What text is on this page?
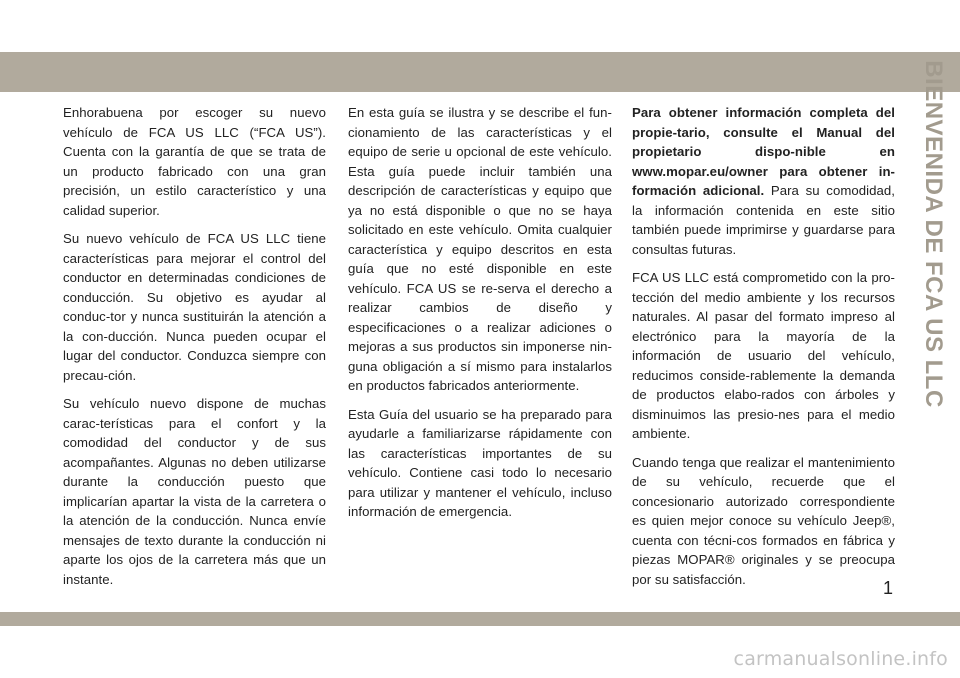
Enhorabuena por escoger su nuevo vehículo de FCA US LLC (“FCA US”). Cuenta con la garantía de que se trata de un producto fabricado con una gran precisión, un estilo característico y una calidad superior.

Su nuevo vehículo de FCA US LLC tiene características para mejorar el control del conductor en determinadas condiciones de conducción. Su objetivo es ayudar al conduc-tor y nunca sustituirán la atención a la con-ducción. Nunca pueden ocupar el lugar del conductor. Conduzca siempre con precau-ción.

Su vehículo nuevo dispone de muchas carac-terísticas para el confort y la comodidad del conductor y de sus acompañantes. Algunas no deben utilizarse durante la conducción puesto que implicarían apartar la vista de la carretera o la atención de la conducción. Nunca envíe mensajes de texto durante la conducción ni aparte los ojos de la carretera más que un instante.

En esta guía se ilustra y se describe el fun-cionamiento de las características y el equipo de serie u opcional de este vehículo. Esta guía puede incluir también una descripción de características y equipo que ya no está disponible o que no se haya solicitado en este vehículo. Omita cualquier característica y equipo descritos en esta guía que no esté disponible en este vehículo. FCA US se re-serva el derecho a realizar cambios de diseño y especificaciones o a realizar adiciones o mejoras a sus productos sin imponerse nin-guna obligación a sí mismo para instalarlos en productos fabricados anteriormente.

Esta Guía del usuario se ha preparado para ayudarle a familiarizarse rápidamente con las características importantes de su vehículo. Contiene casi todo lo necesario para utilizar y mantener el vehículo, incluso información de emergencia.

Para obtener información completa del propie-tario, consulte el Manual del propietario dispo-nible en www.mopar.eu/owner para obtener in-formación adicional. Para su comodidad, la información contenida en este sitio también puede imprimirse y guardarse para consultas futuras.

FCA US LLC está comprometido con la pro-tección del medio ambiente y los recursos naturales. Al pasar del formato impreso al electrónico para la mayoría de la información de usuario del vehículo, reducimos conside-rablemente la demanda de productos elabo-rados con árboles y disminuimos las presio-nes para el medio ambiente.

Cuando tenga que realizar el mantenimiento de su vehículo, recuerde que el concesionario autorizado correspondiente es quien mejor conoce su vehículo Jeep®, cuenta con técni-cos formados en fábrica y piezas MOPAR® originales y se preocupa por su satisfacción.

BIENVENIDA DE FCA US LLC
1
carmanualsonline.info
